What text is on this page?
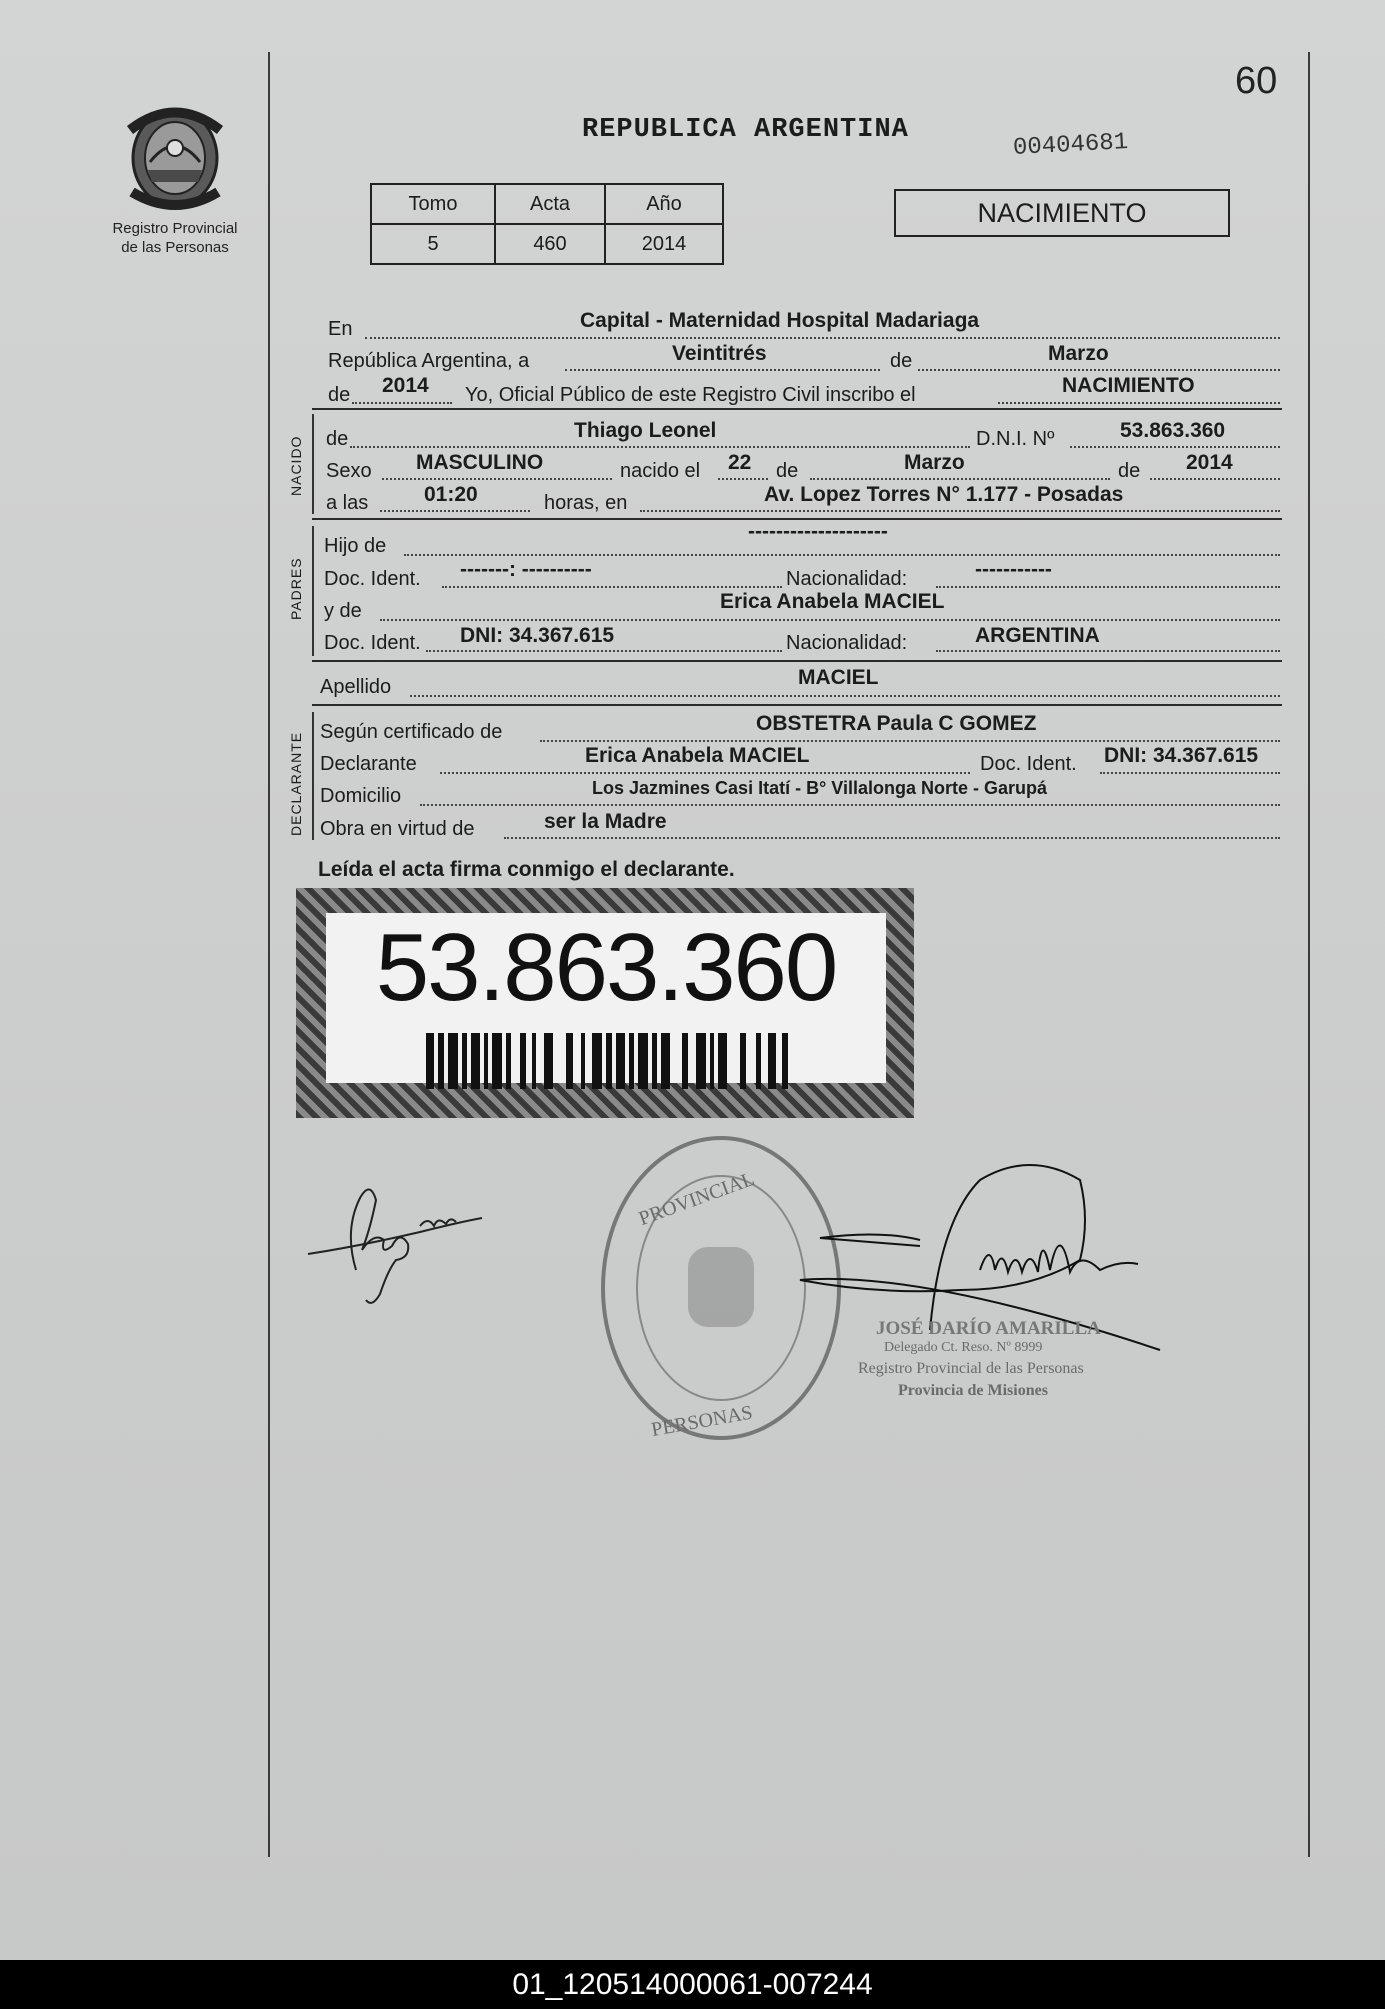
Registro Provincial
de las Personas
60
REPUBLICA ARGENTINA	00404681
Tomo	Acta	Año
5	460	2014
NACIMIENTO
En	Capital - Maternidad Hospital Madariaga
República Argentina, a	Veintitrés	de	Marzo
de 2014 Yo, Oficial Público de este Registro Civil inscribo el	NACIMIENTO
NACIDO de	Thiago Leonel	D.N.I. Nº	53.863.360
Sexo MASCULINO	nacido el 22 de	Marzo	de 2014
a las	01:20	horas, en	Av. Lopez Torres N° 1.177 - Posadas
PADRES
Hijo de
--------------------
Doc. Ident. -------: ----------	Nacionalidad:	-----------
y de	Erica Anabela MACIEL
Doc. Ident. DNI: 34.367.615	Nacionalidad:	ARGENTINA
Apellido	MACIEL
DECLARANTE Según certificado de	OBSTETRA Paula C GOMEZ
Declarante	Erica Anabela MACIEL	Doc. Ident. DNI: 34.367.615
Domicilio	Los Jazmines Casi Itatí - B° Villalonga Norte - Garupá
Obra en virtud de	ser la Madre
Leída el acta firma conmigo el declarante.
53.863.360
PROVINCIAL
PERSONAS
JOSÉ DARÍO AMARILLA
Delegado Ct. Reso. Nº 8999
Registro Provincial de las Personas
Provincia de Misiones
01_120514000061-007244
